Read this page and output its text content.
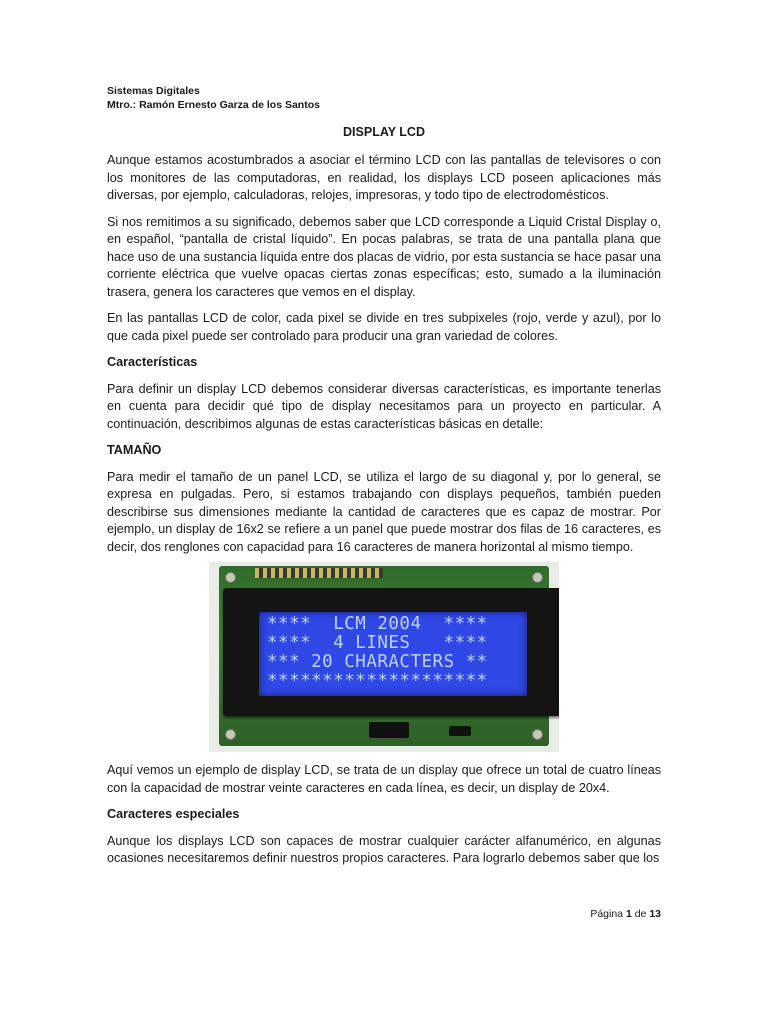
Sistemas Digitales
Mtro.: Ramón Ernesto Garza de los Santos
DISPLAY LCD

Aunque estamos acostumbrados a asociar el término LCD con las pantallas de televisores o con los monitores de las computadoras, en realidad, los displays LCD poseen aplicaciones más diversas, por ejemplo, calculadoras, relojes, impresoras, y todo tipo de electrodomésticos.

Si nos remitimos a su significado, debemos saber que LCD corresponde a Liquid Cristal Display o, en español, “pantalla de cristal líquido”. En pocas palabras, se trata de una pantalla plana que hace uso de una sustancia líquida entre dos placas de vidrio, por esta sustancia se hace pasar una corriente eléctrica que vuelve opacas ciertas zonas específicas; esto, sumado a la iluminación trasera, genera los caracteres que vemos en el display.

En las pantallas LCD de color, cada pixel se divide en tres subpixeles (rojo, verde y azul), por lo que cada pixel puede ser controlado para producir una gran variedad de colores.

Características

Para definir un display LCD debemos considerar diversas características, es importante tenerlas en cuenta para decidir qué tipo de display necesitamos para un proyecto en particular. A continuación, describimos algunas de estas características básicas en detalle:

TAMAÑO

Para medir el tamaño de un panel LCD, se utiliza el largo de su diagonal y, por lo general, se expresa en pulgadas. Pero, si estamos trabajando con displays pequeños, también pueden describirse sus dimensiones mediante la cantidad de caracteres que es capaz de mostrar. Por ejemplo, un display de 16x2 se refiere a un panel que puede mostrar dos filas de 16 caracteres, es decir, dos renglones con capacidad para 16 caracteres de manera horizontal al mismo tiempo.

****  LCM 2004  ****
****  4 LINES   ****
*** 20 CHARACTERS **
********************

Aquí vemos un ejemplo de display LCD, se trata de un display que ofrece un total de cuatro líneas con la capacidad de mostrar veinte caracteres en cada línea, es decir, un display de 20x4.

Caracteres especiales

Aunque los displays LCD son capaces de mostrar cualquier carácter alfanumérico, en algunas ocasiones necesitaremos definir nuestros propios caracteres. Para lograrlo debemos saber que los

Página 1 de 13
